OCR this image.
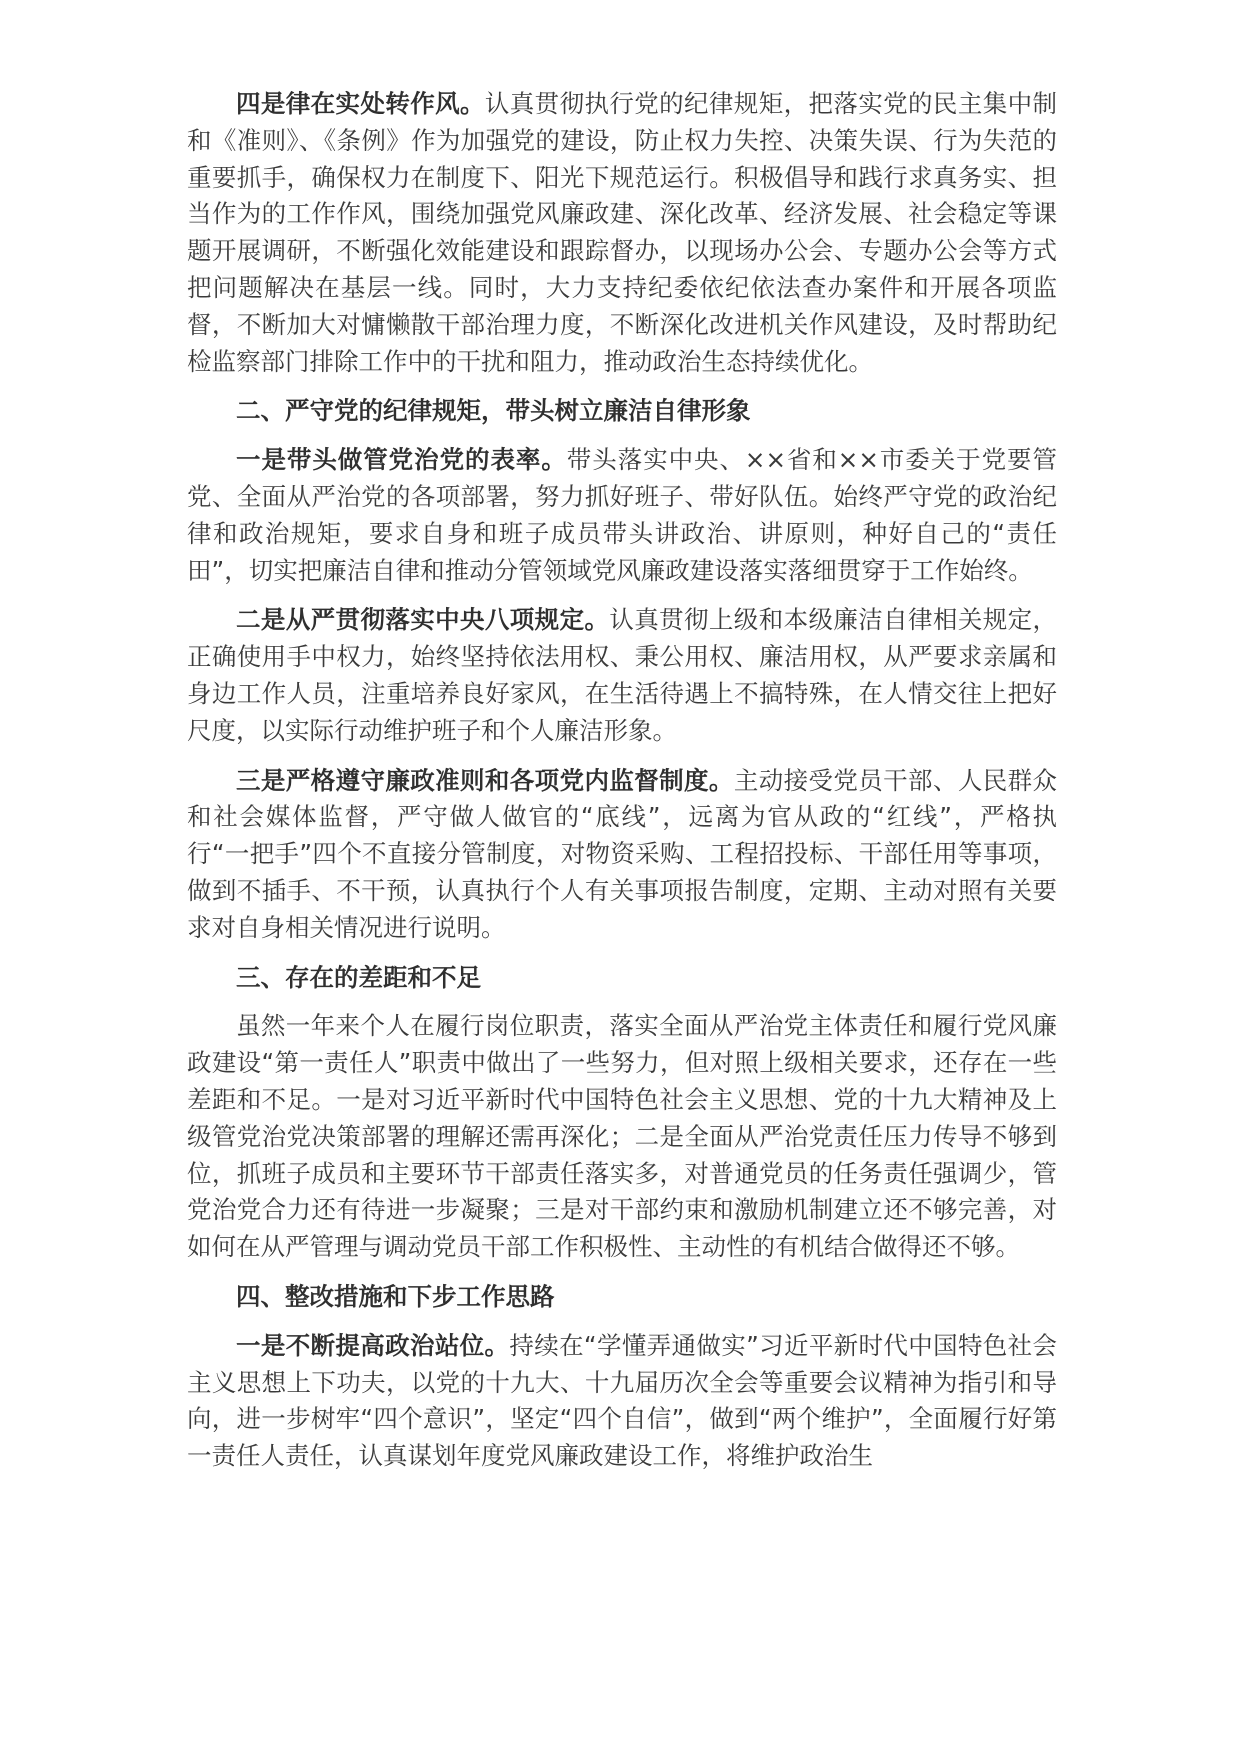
四是律在实处转作风。认真贯彻执行党的纪律规矩，把落实党的民主集中制和《准则》、《条例》作为加强党的建设，防止权力失控、决策失误、行为失范的重要抓手，确保权力在制度下、阳光下规范运行。积极倡导和践行求真务实、担当作为的工作作风，围绕加强党风廉政建、深化改革、经济发展、社会稳定等课题开展调研，不断强化效能建设和跟踪督办，以现场办公会、专题办公会等方式把问题解决在基层一线。同时，大力支持纪委依纪依法查办案件和开展各项监督，不断加大对慵懒散干部治理力度，不断深化改进机关作风建设，及时帮助纪检监察部门排除工作中的干扰和阻力，推动政治生态持续优化。

二、严守党的纪律规矩，带头树立廉洁自律形象

一是带头做管党治党的表率。带头落实中央、××省和××市委关于党要管党、全面从严治党的各项部署，努力抓好班子、带好队伍。始终严守党的政治纪律和政治规矩，要求自身和班子成员带头讲政治、讲原则，种好自己的“责任田”，切实把廉洁自律和推动分管领域党风廉政建设落实落细贯穿于工作始终。

二是从严贯彻落实中央八项规定。认真贯彻上级和本级廉洁自律相关规定，正确使用手中权力，始终坚持依法用权、秉公用权、廉洁用权，从严要求亲属和身边工作人员，注重培养良好家风，在生活待遇上不搞特殊，在人情交往上把好尺度，以实际行动维护班子和个人廉洁形象。

三是严格遵守廉政准则和各项党内监督制度。主动接受党员干部、人民群众和社会媒体监督，严守做人做官的“底线”，远离为官从政的“红线”，严格执行“一把手”四个不直接分管制度，对物资采购、工程招投标、干部任用等事项，做到不插手、不干预，认真执行个人有关事项报告制度，定期、主动对照有关要求对自身相关情况进行说明。

三、存在的差距和不足

虽然一年来个人在履行岗位职责，落实全面从严治党主体责任和履行党风廉政建设“第一责任人”职责中做出了一些努力，但对照上级相关要求，还存在一些差距和不足。一是对习近平新时代中国特色社会主义思想、党的十九大精神及上级管党治党决策部署的理解还需再深化；二是全面从严治党责任压力传导不够到位，抓班子成员和主要环节干部责任落实多，对普通党员的任务责任强调少，管党治党合力还有待进一步凝聚；三是对干部约束和激励机制建立还不够完善，对如何在从严管理与调动党员干部工作积极性、主动性的有机结合做得还不够。

四、整改措施和下步工作思路

一是不断提高政治站位。持续在“学懂弄通做实”习近平新时代中国特色社会主义思想上下功夫，以党的十九大、十九届历次全会等重要会议精神为指引和导向，进一步树牢“四个意识”，坚定“四个自信”，做到“两个维护”，全面履行好第一责任人责任，认真谋划年度党风廉政建设工作，将维护政治生
